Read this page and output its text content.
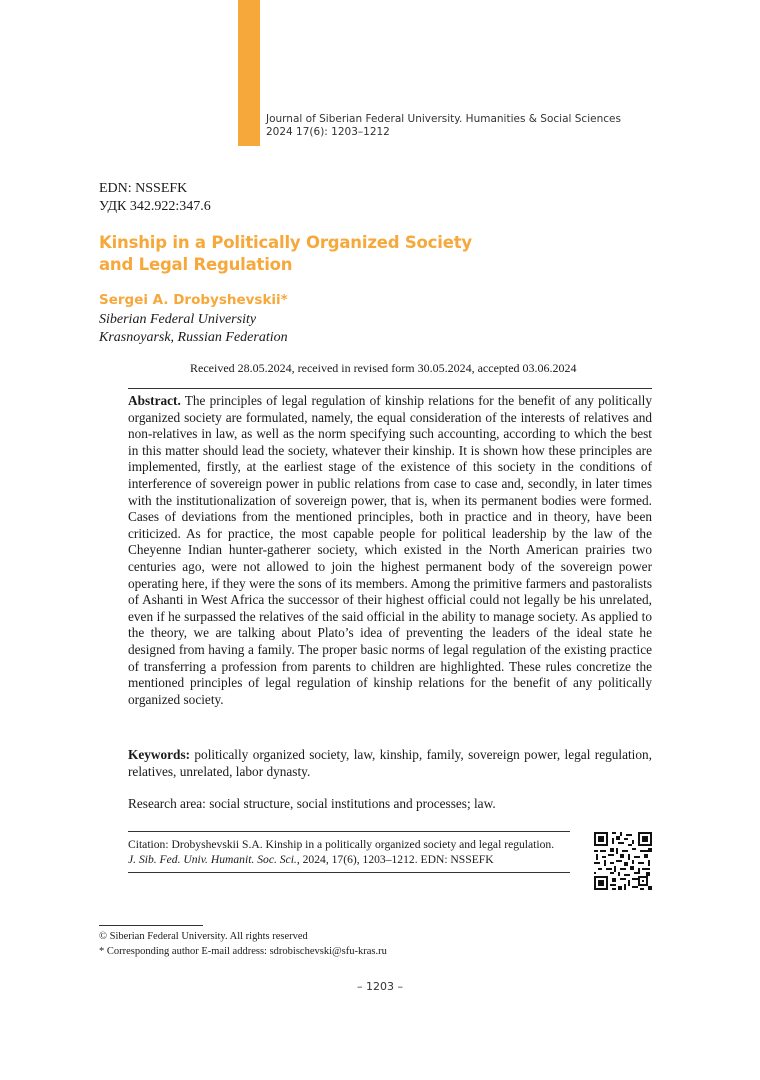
Journal of Siberian Federal University. Humanities & Social Sciences
2024 17(6): 1203–1212
EDN: NSSEFK
УДК 342.922:347.6
Kinship in a Politically Organized Society
and Legal Regulation
Sergei A. Drobyshevskii*
Siberian Federal University
Krasnoyarsk, Russian Federation
Received 28.05.2024, received in revised form 30.05.2024, accepted 03.06.2024
Abstract. The principles of legal regulation of kinship relations for the benefit of any politically organized society are formulated, namely, the equal consideration of the interests of relatives and non-relatives in law, as well as the norm specifying such accounting, according to which the best in this matter should lead the society, whatever their kinship. It is shown how these principles are implemented, firstly, at the earliest stage of the existence of this society in the conditions of interference of sovereign power in public relations from case to case and, secondly, in later times with the institutionalization of sovereign power, that is, when its permanent bodies were formed. Cases of deviations from the mentioned principles, both in practice and in theory, have been criticized. As for practice, the most capable people for political leadership by the law of the Cheyenne Indian hunter-gatherer society, which existed in the North American prairies two centuries ago, were not allowed to join the highest permanent body of the sovereign power operating here, if they were the sons of its members. Among the primitive farmers and pastoralists of Ashanti in West Africa the successor of their highest official could not legally be his unrelated, even if he surpassed the relatives of the said official in the ability to manage society. As applied to the theory, we are talking about Plato’s idea of preventing the leaders of the ideal state he designed from having a family. The proper basic norms of legal regulation of the existing practice of transferring a profession from parents to children are highlighted. These rules concretize the mentioned principles of legal regulation of kinship relations for the benefit of any politically organized society.
Keywords: politically organized society, law, kinship, family, sovereign power, legal regulation, relatives, unrelated, labor dynasty.
Research area: social structure, social institutions and processes; law.
Citation: Drobyshevskii S.A. Kinship in a politically organized society and legal regulation.
J. Sib. Fed. Univ. Humanit. Soc. Sci., 2024, 17(6), 1203–1212. EDN: NSSEFK
© Siberian Federal University. All rights reserved
* Corresponding author E-mail address: sdrobischevski@sfu-kras.ru
– 1203 –
